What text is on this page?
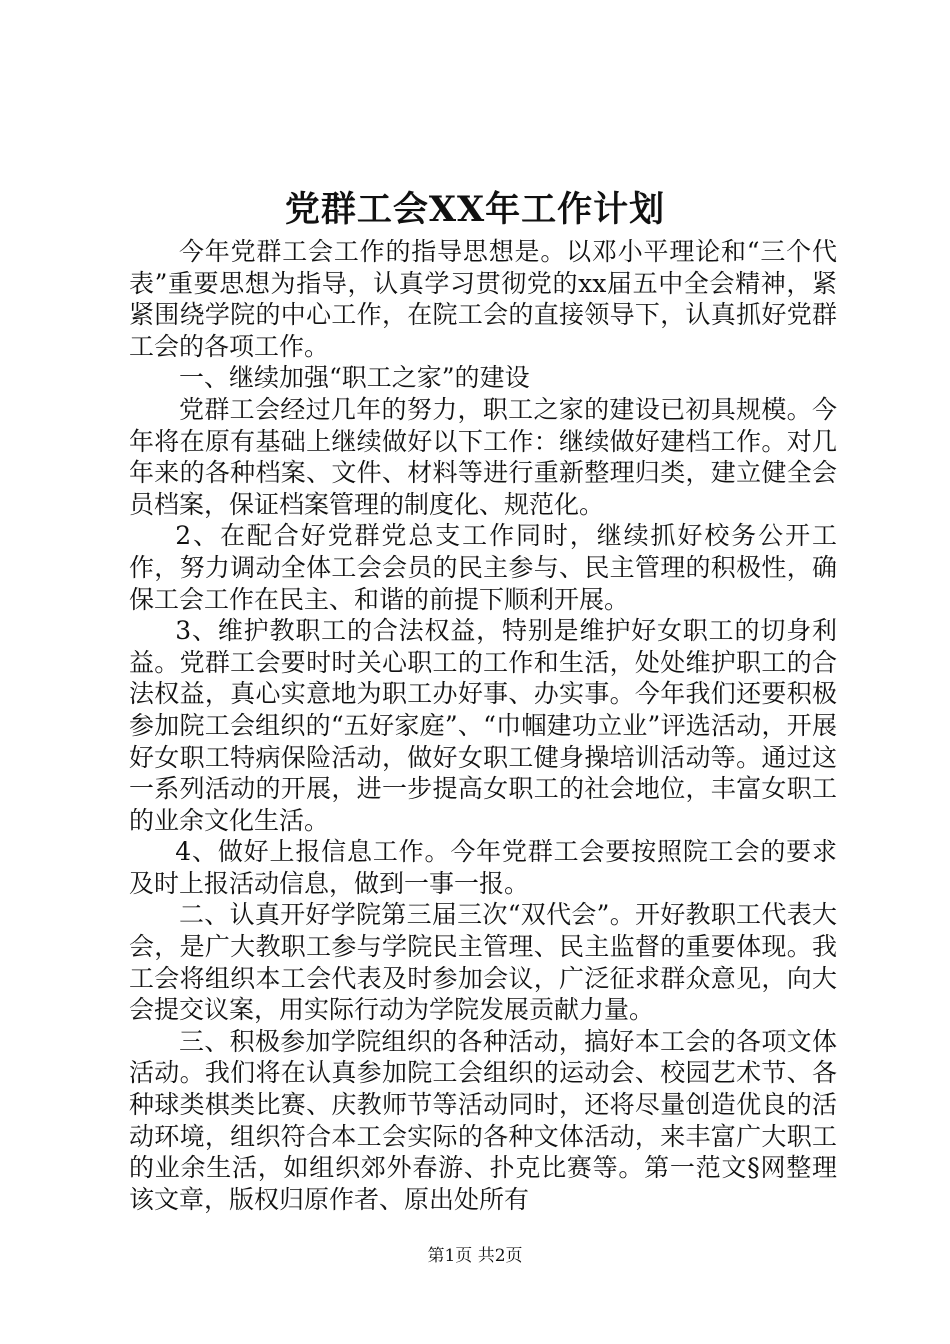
党群工会XX年工作计划

今年党群工会工作的指导思想是。以邓小平理论和“三个代表”重要思想为指导，认真学习贯彻党的xx届五中全会精神，紧紧围绕学院的中心工作，在院工会的直接领导下，认真抓好党群工会的各项工作。

一、继续加强“职工之家”的建设

党群工会经过几年的努力，职工之家的建设已初具规模。今年将在原有基础上继续做好以下工作：继续做好建档工作。对几年来的各种档案、文件、材料等进行重新整理归类，建立健全会员档案，保证档案管理的制度化、规范化。

2、在配合好党群党总支工作同时，继续抓好校务公开工作，努力调动全体工会会员的民主参与、民主管理的积极性，确保工会工作在民主、和谐的前提下顺利开展。

3、维护教职工的合法权益，特别是维护好女职工的切身利益。党群工会要时时关心职工的工作和生活，处处维护职工的合法权益，真心实意地为职工办好事、办实事。今年我们还要积极参加院工会组织的“五好家庭”、“巾帼建功立业”评选活动，开展好女职工特病保险活动，做好女职工健身操培训活动等。通过这一系列活动的开展，进一步提高女职工的社会地位，丰富女职工的业余文化生活。

4、做好上报信息工作。今年党群工会要按照院工会的要求及时上报活动信息，做到一事一报。

二、认真开好学院第三届三次“双代会”。开好教职工代表大会，是广大教职工参与学院民主管理、民主监督的重要体现。我工会将组织本工会代表及时参加会议，广泛征求群众意见，向大会提交议案，用实际行动为学院发展贡献力量。

三、积极参加学院组织的各种活动，搞好本工会的各项文体活动。我们将在认真参加院工会组织的运动会、校园艺术节、各种球类棋类比赛、庆教师节等活动同时，还将尽量创造优良的活动环境，组织符合本工会实际的各种文体活动，来丰富广大职工的业余生活，如组织郊外春游、扑克比赛等。第一范文§网整理该文章，版权归原作者、原出处所有

第1页 共2页
